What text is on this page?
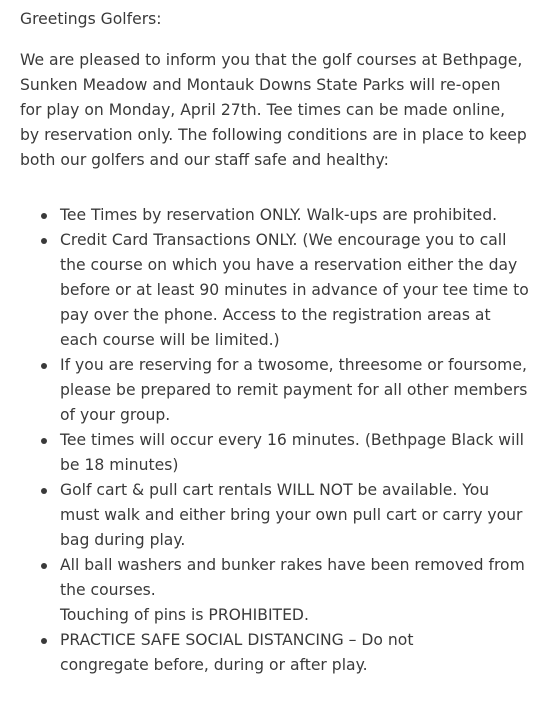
Greetings Golfers:

We are pleased to inform you that the golf courses at Bethpage,
Sunken Meadow and Montauk Downs State Parks will re-open
for play on Monday, April 27th. Tee times can be made online,
by reservation only. The following conditions are in place to keep
both our golfers and our staff safe and healthy:

Tee Times by reservation ONLY. Walk-ups are prohibited.
Credit Card Transactions ONLY. (We encourage you to call
the course on which you have a reservation either the day
before or at least 90 minutes in advance of your tee time to
pay over the phone. Access to the registration areas at
each course will be limited.)
If you are reserving for a twosome, threesome or foursome,
please be prepared to remit payment for all other members
of your group.
Tee times will occur every 16 minutes. (Bethpage Black will
be 18 minutes)
Golf cart & pull cart rentals WILL NOT be available. You
must walk and either bring your own pull cart or carry your
bag during play.
All ball washers and bunker rakes have been removed from
the courses.
Touching of pins is PROHIBITED.
PRACTICE SAFE SOCIAL DISTANCING – Do not
congregate before, during or after play.
